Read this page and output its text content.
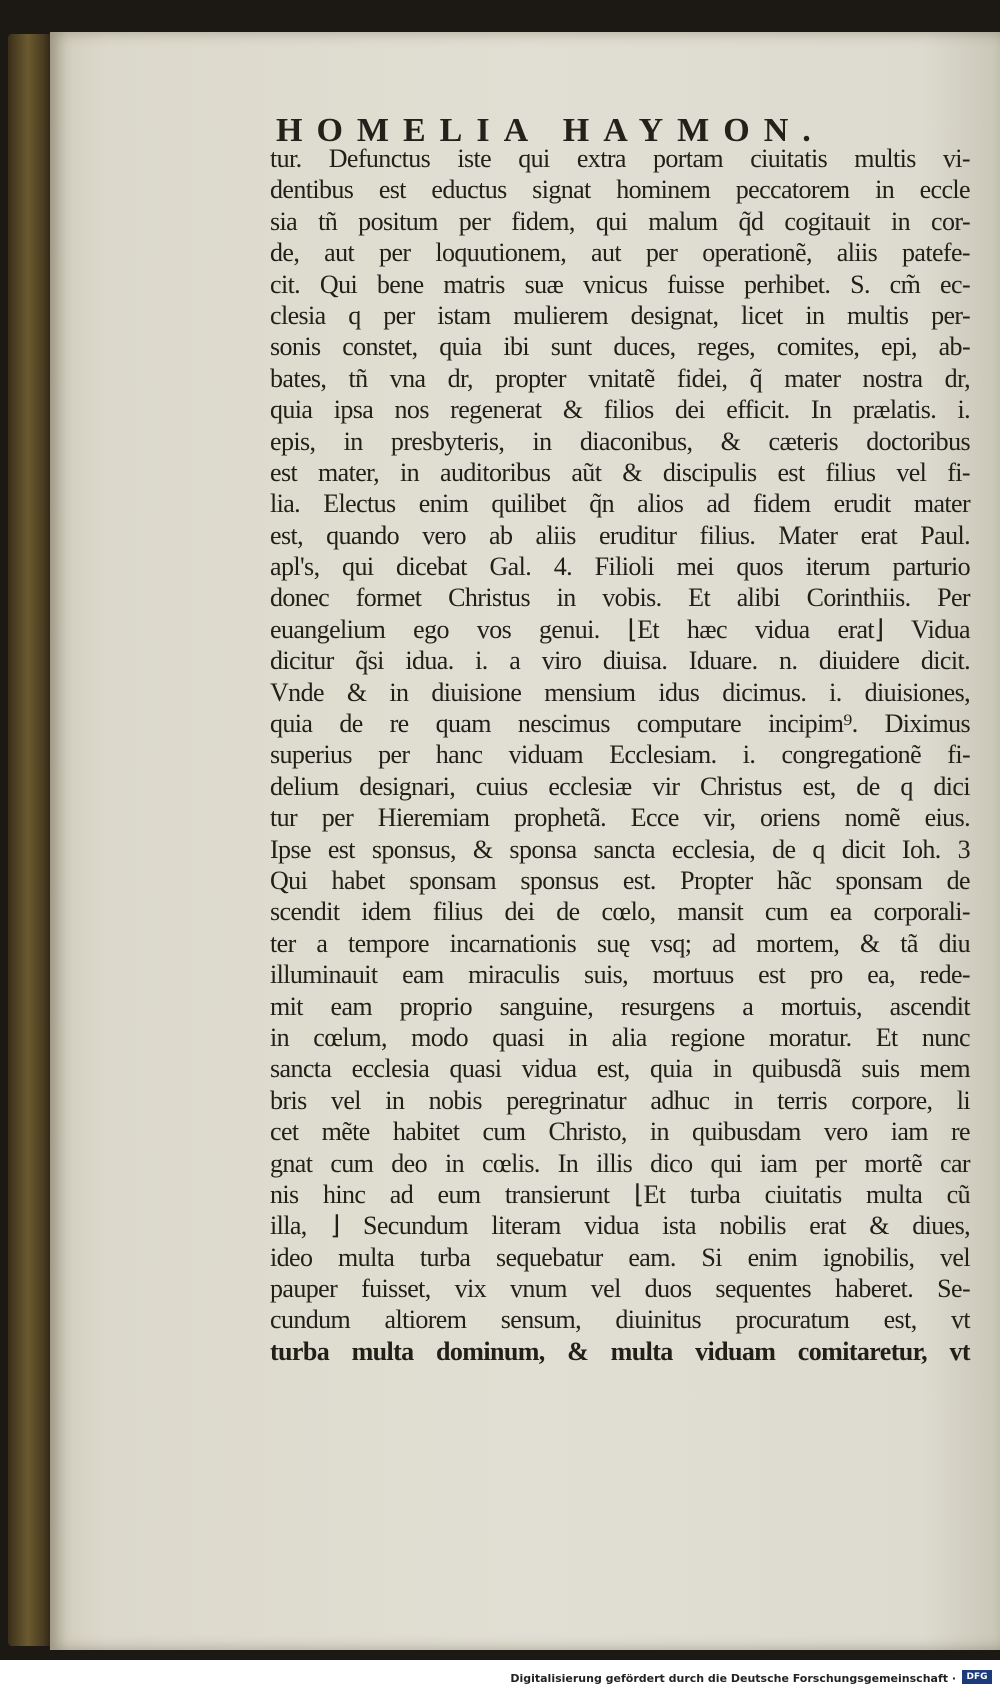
HOMELIA HAYMON.
tur. Defunctus iste qui extra portam ciuitatis multis vi-
dentibus est eductus signat hominem peccatorem in eccle
sia tñ positum per fidem, qui malum q̃d cogitauit in cor-
de, aut per loquutionem, aut per operationẽ, aliis patefe-
cit. Qui bene matris suæ vnicus fuisse perhibet. S. cm̃ ec-
clesia q per istam mulierem designat, licet in multis per-
sonis constet, quia ibi sunt duces, reges, comites, epi, ab-
bates, tñ vna dr, propter vnitatẽ fidei, q̃ mater nostra dr,
quia ipsa nos regenerat & filios dei efficit. In prælatis. i.
epis, in presbyteris, in diaconibus, & cæteris doctoribus
est mater, in auditoribus aũt & discipulis est filius vel fi-
lia. Electus enim quilibet q̃n alios ad fidem erudit mater
est, quando vero ab aliis eruditur filius. Mater erat Paul.
apl's, qui dicebat Gal. 4. Filioli mei quos iterum parturio
donec formet Christus in vobis. Et alibi Corinthiis. Per
euangelium ego vos genui. ⌊Et hæc vidua erat⌋ Vidua
dicitur q̃si idua. i. a viro diuisa. Iduare. n. diuidere dicit.
Vnde & in diuisione mensium idus dicimus. i. diuisiones,
quia de re quam nescimus computare incipim⁹. Diximus
superius per hanc viduam Ecclesiam. i. congregationẽ fi-
delium designari, cuius ecclesiæ vir Christus est, de q dici
tur per Hieremiam prophetã. Ecce vir, oriens nomẽ eius.
Ipse est sponsus, & sponsa sancta ecclesia, de q dicit Ioh. 3
Qui habet sponsam sponsus est. Propter hãc sponsam de
scendit idem filius dei de cœlo, mansit cum ea corporali-
ter a tempore incarnationis suę vsq; ad mortem, & tã diu
illuminauit eam miraculis suis, mortuus est pro ea, rede-
mit eam proprio sanguine, resurgens a mortuis, ascendit
in cœlum, modo quasi in alia regione moratur. Et nunc
sancta ecclesia quasi vidua est, quia in quibusdã suis mem
bris vel in nobis peregrinatur adhuc in terris corpore, li
cet mẽte habitet cum Christo, in quibusdam vero iam re
gnat cum deo in cœlis. In illis dico qui iam per mortẽ car
nis hinc ad eum transierunt ⌊Et turba ciuitatis multa cũ
illa, ⌋ Secundum literam vidua ista nobilis erat & diues,
ideo multa turba sequebatur eam. Si enim ignobilis, vel
pauper fuisset, vix vnum vel duos sequentes haberet. Se-
cundum altiorem sensum, diuinitus procuratum est, vt
turba multa dominum, & multa viduam comitaretur, vt
Digitalisierung gefördert durch die Deutsche Forschungsgemeinschaft ·	DFG
